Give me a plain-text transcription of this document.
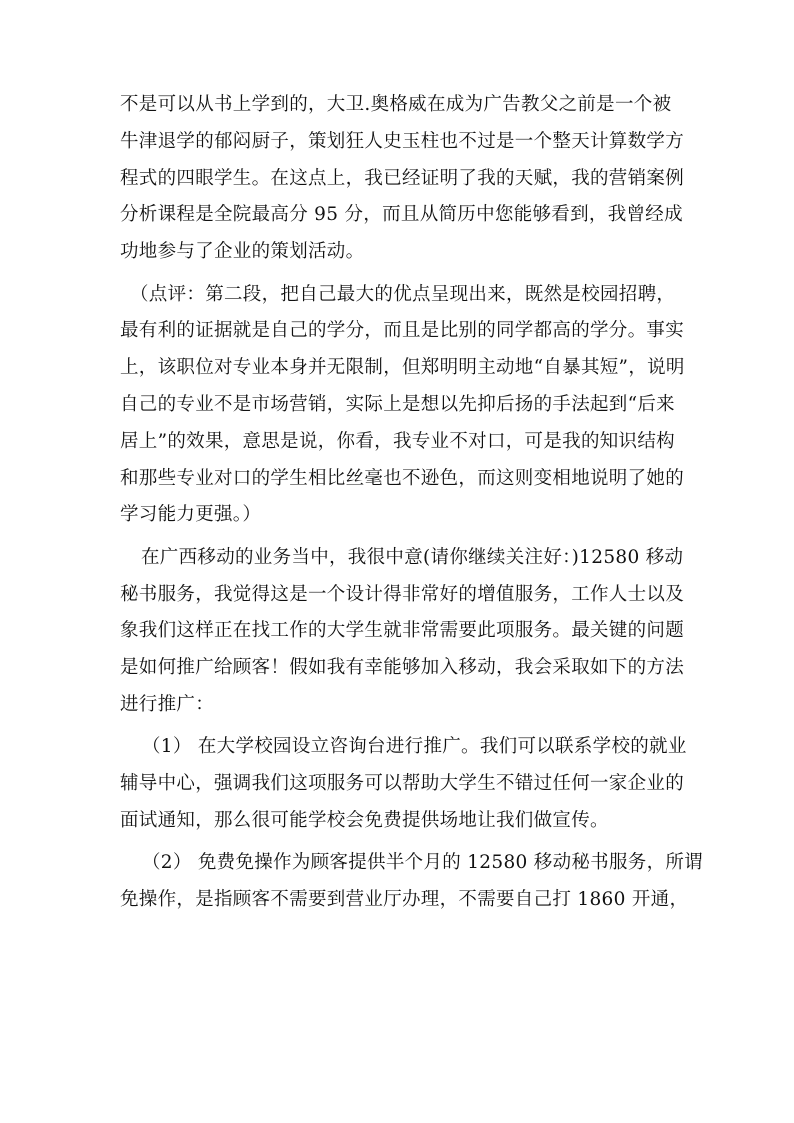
不是可以从书上学到的，大卫.奥格威在成为广告教父之前是一个被
牛津退学的郁闷厨子，策划狂人史玉柱也不过是一个整天计算数学方
程式的四眼学生。在这点上，我已经证明了我的天赋，我的营销案例
分析课程是全院最高分 95 分，而且从简历中您能够看到，我曾经成
功地参与了企业的策划活动。
（点评：第二段，把自己最大的优点呈现出来，既然是校园招聘，
最有利的证据就是自己的学分，而且是比别的同学都高的学分。事实
上，该职位对专业本身并无限制，但郑明明主动地“自暴其短”，说明
自己的专业不是市场营销，实际上是想以先抑后扬的手法起到“后来
居上”的效果，意思是说，你看，我专业不对口，可是我的知识结构
和那些专业对口的学生相比丝毫也不逊色，而这则变相地说明了她的
学习能力更强。）
在广西移动的业务当中，我很中意(请你继续关注好：)12580 移动
秘书服务，我觉得这是一个设计得非常好的增值服务，工作人士以及
象我们这样正在找工作的大学生就非常需要此项服务。最关键的问题
是如何推广给顾客！假如我有幸能够加入移动，我会采取如下的方法
进行推广：
（1） 在大学校园设立咨询台进行推广。我们可以联系学校的就业
辅导中心，强调我们这项服务可以帮助大学生不错过任何一家企业的
面试通知，那么很可能学校会免费提供场地让我们做宣传。
（2） 免费免操作为顾客提供半个月的 12580 移动秘书服务，所谓
免操作，是指顾客不需要到营业厅办理，不需要自己打 1860 开通，
